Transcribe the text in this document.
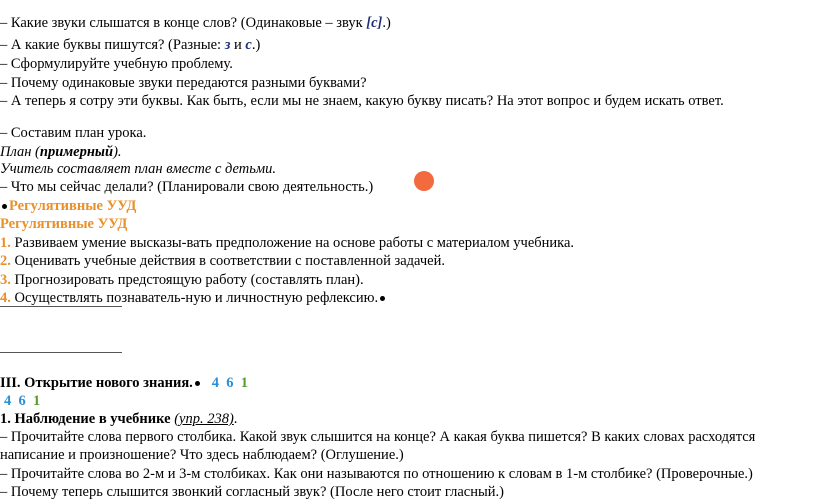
– Какие звуки слышатся в конце слов? (Одинаковые – звук [с].)
– А какие буквы пишутся? (Разные: з и с.)
– Сформулируйте учебную проблему.
– Почему одинаковые звуки передаются разными буквами?
– А теперь я сотру эти буквы. Как быть, если мы не знаем, какую букву писать? На этот вопрос и будем искать ответ.
– Составим план урока.
План (примерный).
Учитель составляет план вместе с детьми.
– Что мы сейчас делали? (Планировали свою деятельность.)
Регулятивные УУД
Регулятивные УУД
1. Развиваем умение высказы-вать предположение на основе работы с материалом учебника.
2. Оценивать учебные действия в соответствии с поставленной задачей.
3. Прогнозировать предстоящую работу (составлять план).
4. Осуществлять познаватель-ную и личностную рефлексию.
III. Открытие нового знания. 4 6 1
4 6 1
1. Наблюдение в учебнике (упр. 238).
– Прочитайте слова первого столбика. Какой звук слышится на конце? А какая буква пишется? В каких словах расходятся
написание и произношение? Что здесь наблюдаем? (Оглушение.)
– Прочитайте слова во 2-м и 3-м столбиках. Как они называются по отношению к словам в 1-м столбике? (Проверочные.)
– Почему теперь слышится звонкий согласный звук? (После него стоит гласный.)
